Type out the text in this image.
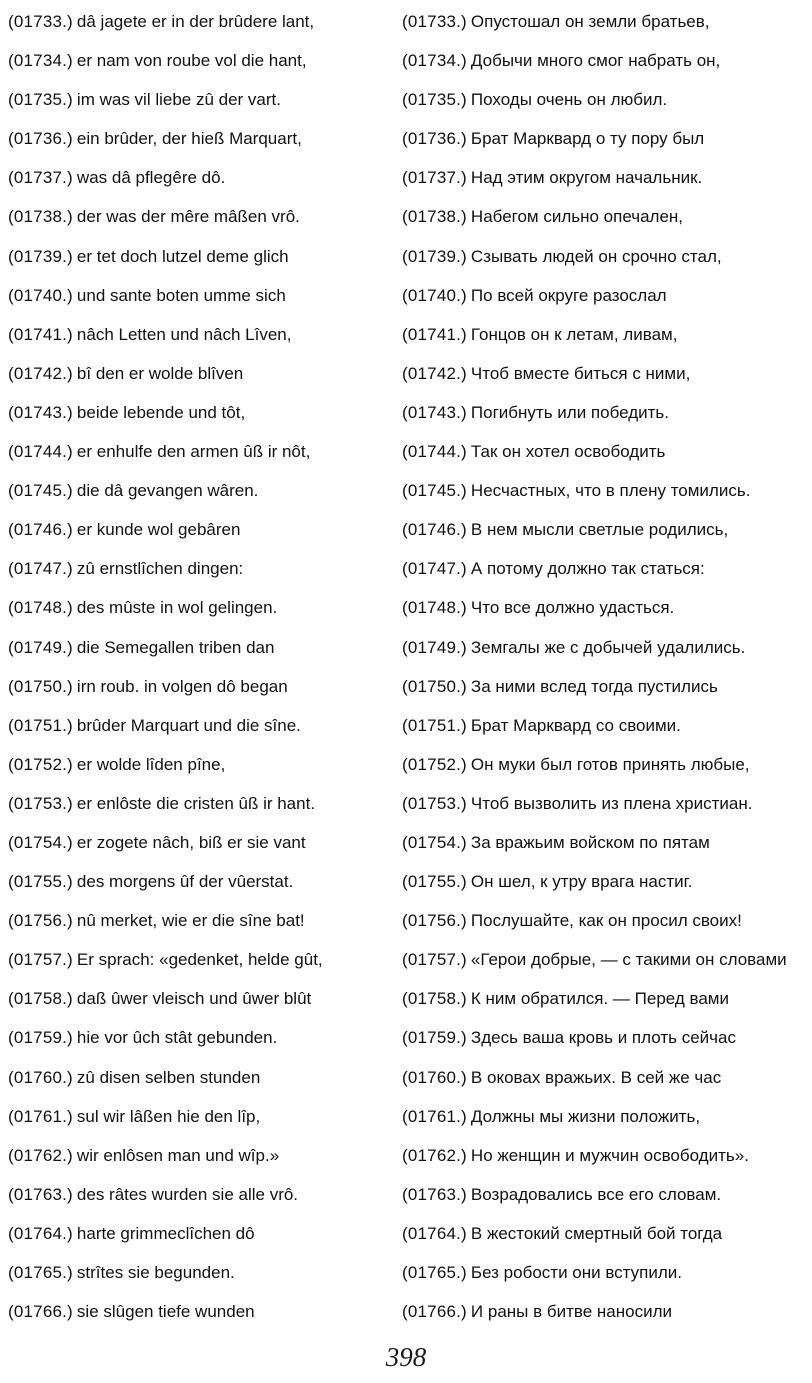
(01733.) dâ jagete er in der brûdere lant,
(01734.) er nam von roube vol die hant,
(01735.) im was vil liebe zû der vart.
(01736.) ein brûder, der hieß Marquart,
(01737.) was dâ pflegêre dô.
(01738.) der was der mêre mâßen vrô.
(01739.) er tet doch lutzel deme glich
(01740.) und sante boten umme sich
(01741.) nâch Letten und nâch Lîven,
(01742.) bî den er wolde blîven
(01743.) beide lebende und tôt,
(01744.) er enhulfe den armen ûß ir nôt,
(01745.) die dâ gevangen wâren.
(01746.) er kunde wol gebâren
(01747.) zû ernstlîchen dingen:
(01748.) des mûste in wol gelingen.
(01749.) die Semegallen triben dan
(01750.) irn roub. in volgen dô began
(01751.) brûder Marquart und die sîne.
(01752.) er wolde lîden pîne,
(01753.) er enlôste die cristen ûß ir hant.
(01754.) er zogete nâch, biß er sie vant
(01755.) des morgens ûf der vûerstat.
(01756.) nû merket, wie er die sîne bat!
(01757.) Er sprach: «gedenket, helde gût,
(01758.) daß ûwer vleisch und ûwer blût
(01759.) hie vor ûch stât gebunden.
(01760.) zû disen selben stunden
(01761.) sul wir lâßen hie den lîp,
(01762.) wir enlôsen man und wîp.»
(01763.) des râtes wurden sie alle vrô.
(01764.) harte grimmeclîchen dô
(01765.) strîtes sie begunden.
(01766.) sie slûgen tiefe wunden
(01733.) Опустошал он земли братьев,
(01734.) Добычи много смог набрать он,
(01735.) Походы очень он любил.
(01736.) Брат Марквард о ту пору был
(01737.) Над этим округом начальник.
(01738.) Набегом сильно опечален,
(01739.) Сзывать людей он срочно стал,
(01740.) По всей округе разослал
(01741.) Гонцов он к летам, ливам,
(01742.) Чтоб вместе биться с ними,
(01743.) Погибнуть или победить.
(01744.) Так он хотел освободить
(01745.) Несчастных, что в плену томились.
(01746.) В нем мысли светлые родились,
(01747.) А потому должно так статься:
(01748.) Что все должно удасться.
(01749.) Земгалы же с добычей удалились.
(01750.) За ними вслед тогда пустились
(01751.) Брат Марквард со своими.
(01752.) Он муки был готов принять любые,
(01753.) Чтоб вызволить из плена христиан.
(01754.) За вражьим войском по пятам
(01755.) Он шел, к утру врага настиг.
(01756.) Послушайте, как он просил своих!
(01757.) «Герои добрые, — с такими он словами
(01758.) К ним обратился. — Перед вами
(01759.) Здесь ваша кровь и плоть сейчас
(01760.) В оковах вражьих. В сей же час
(01761.) Должны мы жизни положить,
(01762.) Но женщин и мужчин освободить».
(01763.) Возрадовались все его словам.
(01764.) В жестокий смертный бой тогда
(01765.) Без робости они вступили.
(01766.) И раны в битве наносили
398
